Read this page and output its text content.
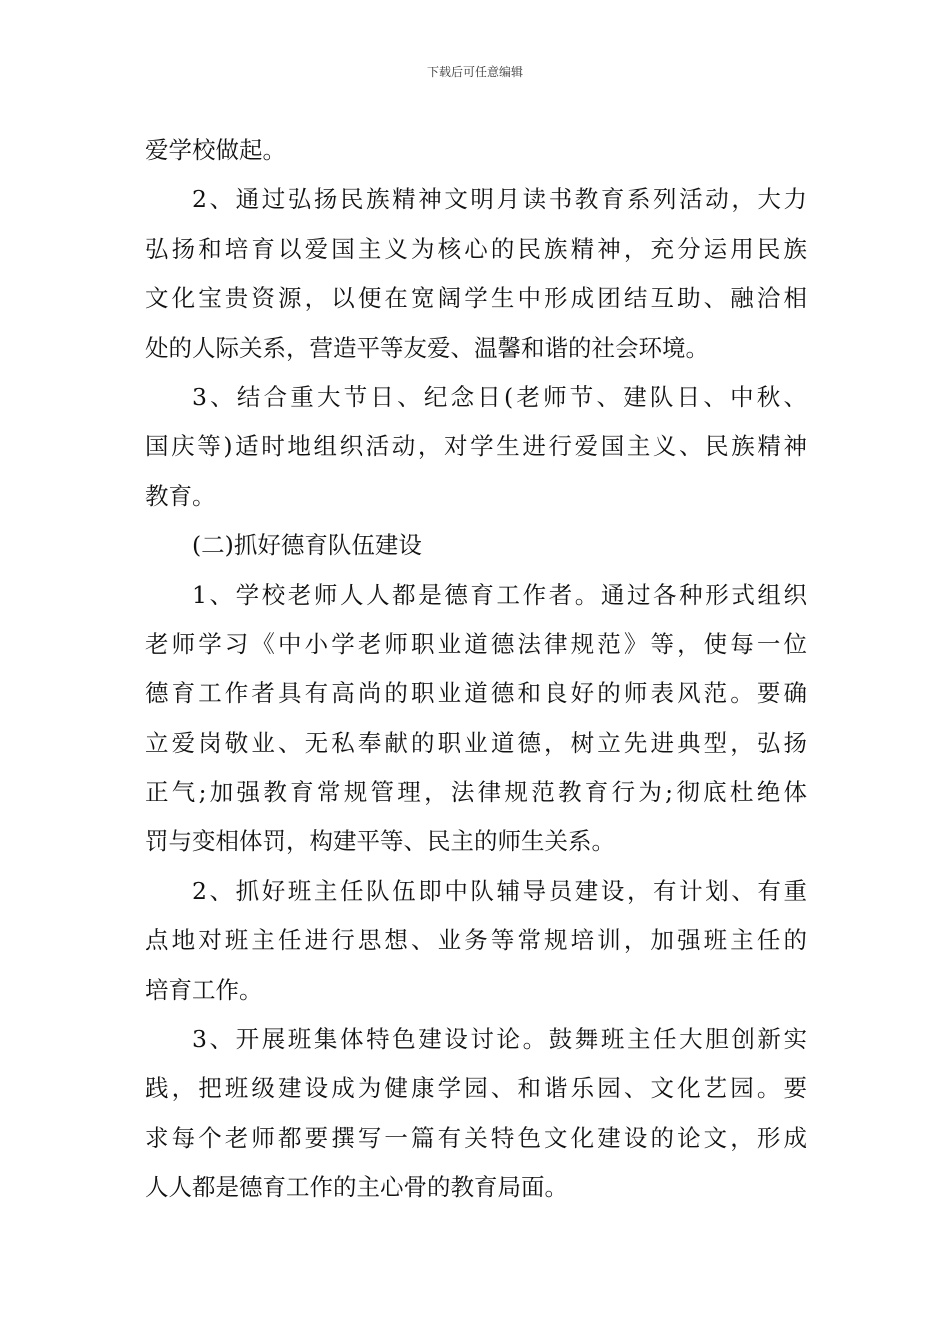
下载后可任意编辑
爱学校做起。
2、通过弘扬民族精神文明月读书教育系列活动，大力
弘扬和培育以爱国主义为核心的民族精神，充分运用民族
文化宝贵资源，以便在宽阔学生中形成团结互助、融洽相
处的人际关系，营造平等友爱、温馨和谐的社会环境。
3、结合重大节日、纪念日(老师节、建队日、中秋、
国庆等)适时地组织活动，对学生进行爱国主义、民族精神
教育。
(二)抓好德育队伍建设
1、学校老师人人都是德育工作者。通过各种形式组织
老师学习《中小学老师职业道德法律规范》等，使每一位
德育工作者具有高尚的职业道德和良好的师表风范。要确
立爱岗敬业、无私奉献的职业道德，树立先进典型，弘扬
正气;加强教育常规管理，法律规范教育行为;彻底杜绝体
罚与变相体罚，构建平等、民主的师生关系。
2、抓好班主任队伍即中队辅导员建设，有计划、有重
点地对班主任进行思想、业务等常规培训，加强班主任的
培育工作。
3、开展班集体特色建设讨论。鼓舞班主任大胆创新实
践，把班级建设成为健康学园、和谐乐园、文化艺园。要
求每个老师都要撰写一篇有关特色文化建设的论文，形成
人人都是德育工作的主心骨的教育局面。
